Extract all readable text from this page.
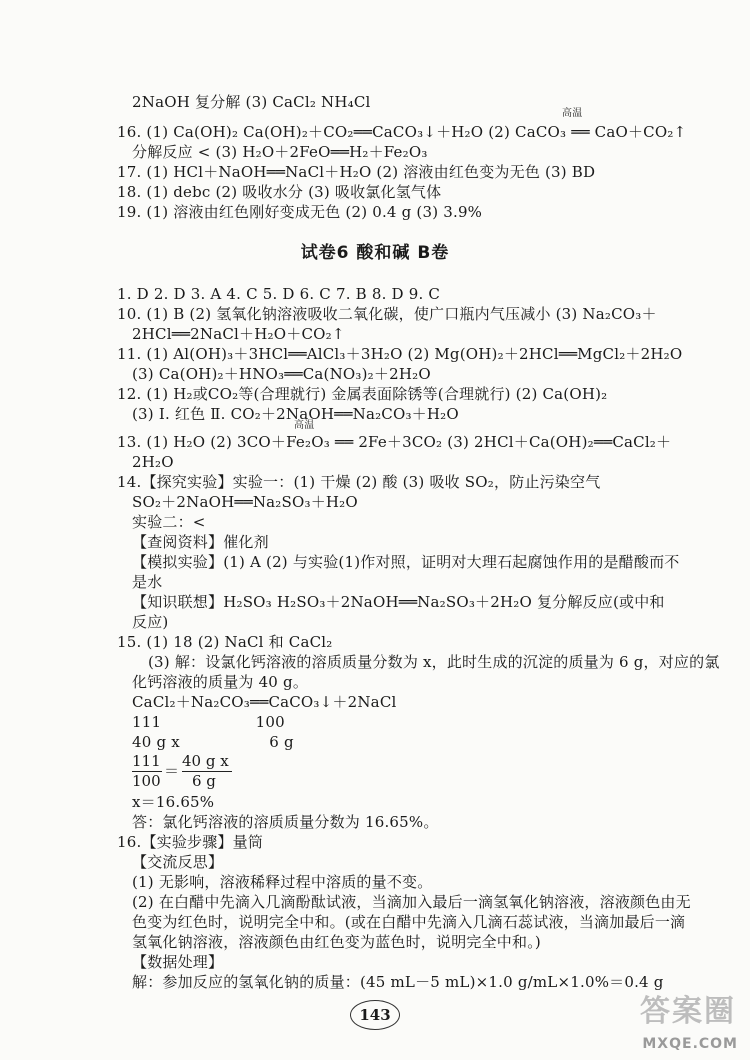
2NaOH 复分解 (3) CaCl₂ NH₄Cl
16. (1) Ca(OH)₂ Ca(OH)₂＋CO₂══CaCO₃↓＋H₂O (2) CaCO₃ ══ CaO＋CO₂↑
高温
分解反应 < (3) H₂O＋2FeO══H₂＋Fe₂O₃
17. (1) HCl＋NaOH══NaCl＋H₂O (2) 溶液由红色变为无色 (3) BD
18. (1) debc (2) 吸收水分 (3) 吸收氯化氢气体
19. (1) 溶液由红色刚好变成无色 (2) 0.4 g (3) 3.9%
试卷6 酸和碱 B卷
1. D 2. D 3. A 4. C 5. D 6. C 7. B 8. D 9. C
10. (1) B (2) 氢氧化钠溶液吸收二氧化碳，使广口瓶内气压减小 (3) Na₂CO₃＋
2HCl══2NaCl＋H₂O＋CO₂↑
11. (1) Al(OH)₃＋3HCl══AlCl₃＋3H₂O (2) Mg(OH)₂＋2HCl══MgCl₂＋2H₂O
(3) Ca(OH)₂＋HNO₃══Ca(NO₃)₂＋2H₂O
12. (1) H₂或CO₂等(合理就行) 金属表面除锈等(合理就行) (2) Ca(OH)₂
(3) Ⅰ. 红色 Ⅱ. CO₂＋2NaOH══Na₂CO₃＋H₂O
高温
13. (1) H₂O (2) 3CO＋Fe₂O₃ ══ 2Fe＋3CO₂ (3) 2HCl＋Ca(OH)₂══CaCl₂＋
2H₂O
14.【探究实验】实验一：(1) 干燥 (2) 酸 (3) 吸收 SO₂，防止污染空气
SO₂＋2NaOH══Na₂SO₃＋H₂O
实验二：<
【查阅资料】催化剂
【模拟实验】(1) A (2) 与实验(1)作对照，证明对大理石起腐蚀作用的是醋酸而不
是水
【知识联想】H₂SO₃ H₂SO₃＋2NaOH══Na₂SO₃＋2H₂O 复分解反应(或中和
反应)
15. (1) 18 (2) NaCl 和 CaCl₂
(3) 解：设氯化钙溶液的溶质质量分数为 x，此时生成的沉淀的质量为 6 g，对应的氯
化钙溶液的质量为 40 g。
CaCl₂＋Na₂CO₃══CaCO₃↓＋2NaCl
111                   100
40 g x                  6 g
111
100
＝
40 g x
6 g
x＝16.65%
答：氯化钙溶液的溶质质量分数为 16.65%。
16.【实验步骤】量筒
【交流反思】
(1) 无影响，溶液稀释过程中溶质的量不变。
(2) 在白醋中先滴入几滴酚酞试液，当滴加入最后一滴氢氧化钠溶液，溶液颜色由无
色变为红色时，说明完全中和。(或在白醋中先滴入几滴石蕊试液，当滴加最后一滴
氢氧化钠溶液，溶液颜色由红色变为蓝色时，说明完全中和。)
【数据处理】
解：参加反应的氢氧化钠的质量：(45 mL－5 mL)×1.0 g/mL×1.0%＝0.4 g
143	答案圈
MXQE.COM
